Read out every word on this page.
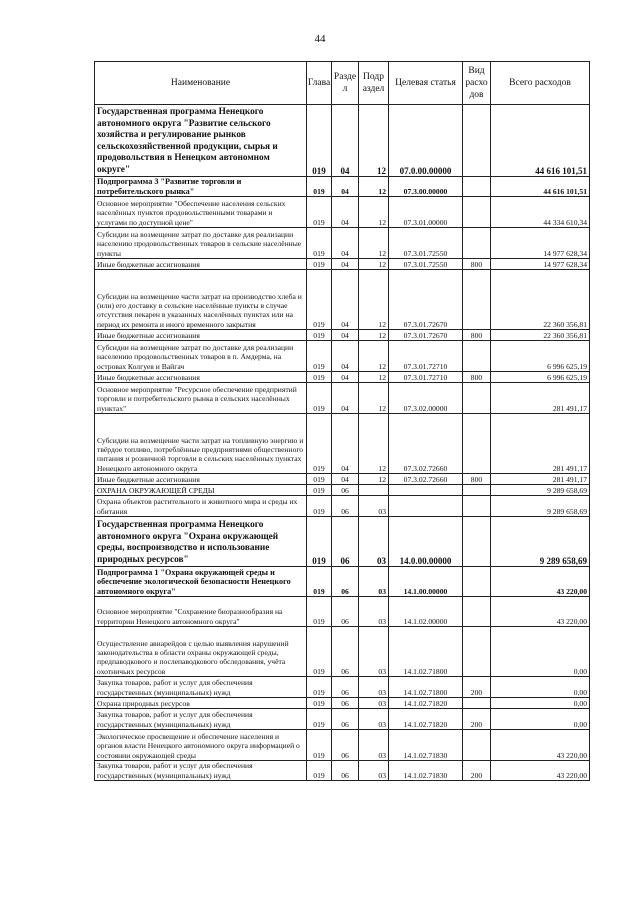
44
Наименование	Глава	Разде л	Подр аздел	Целевая статья	Вид расхо дов	Всего расходов
Государственная программа Ненецкого автономного округа "Развитие сельского хозяйства и регулирование рынков сельскохозяйственной продукции, сырья и продовольствия в Ненецком автономном округе"	019	04	12	07.0.00.00000		44 616 101,51
Подпрограмма 3 "Развитие торговли и потребительского рынка"	019	04	12	07.3.00.00000		44 616 101,51
Основное мероприятие "Обеспечение населения сельских населённых пунктов продовольственными товарами и услугами по доступной цене"	019	04	12	07.3.01.00000		44 334 610,34
Субсидии на возмещение затрат по доставке для реализации населению продовольственных товаров в сельские населённые пункты	019	04	12	07.3.01.72550		14 977 628,34
Иные бюджетные ассигнования	019	04	12	07.3.01.72550	800	14 977 628,34
Субсидии на возмещение части затрат на производство хлеба и (или) его доставку в сельские населённые пункты в случае отсутствия пекарен в указанных населённых пунктах или на период их ремонта и иного временного закрытия	019	04	12	07.3.01.72670		22 360 356,81
Иные бюджетные ассигнования	019	04	12	07.3.01.72670	800	22 360 356,81
Субсидии на возмещение затрат по доставке для реализации населению продовольственных товаров в п. Амдерма, на островах Колгуев и Вайгач	019	04	12	07.3.01.72710		6 996 625,19
Иные бюджетные ассигнования	019	04	12	07.3.01.72710	800	6 996 625,19
Основное мероприятие "Ресурсное обеспечение предприятий торговли и потребительского рынка в сельских населённых пунктах"	019	04	12	07.3.02.00000		281 491,17
Субсидии на возмещение части затрат на топливную энергию и твёрдое топливо, потреблённые предприятиями общественного питания и розничной торговли в сельских населённых пунктах Ненецкого автономного округа	019	04	12	07.3.02.72660		281 491,17
Иные бюджетные ассигнования	019	04	12	07.3.02.72660	800	281 491,17
ОХРАНА ОКРУЖАЮЩЕЙ СРЕДЫ	019	06				9 289 658,69
Охрана объектов растительного и животного мира и среды их обитания	019	06	03			9 289 658,69
Государственная программа Ненецкого автономного округа "Охрана окружающей среды, воспроизводство и использование природных ресурсов"	019	06	03	14.0.00.00000		9 289 658,69
Подпрограмма 1 "Охрана окружающей среды и обеспечение экологической безопасности Ненецкого автономного округа"	019	06	03	14.1.00.00000		43 220,00
Основное мероприятие "Сохранение биоразнообразия на территории Ненецкого автономного округа"	019	06	03	14.1.02.00000		43 220,00
Осуществление авиарейдов с целью выявления нарушений законодательства в области охраны окружающей среды, предпаводкового и послепаводкового обследования, учёта охотничьих ресурсов	019	06	03	14.1.02.71800		0,00
Закупка товаров, работ и услуг для обеспечения государственных (муниципальных) нужд	019	06	03	14.1.02.71800	200	0,00
Охрана природных ресурсов	019	06	03	14.1.02.71820		0,00
Закупка товаров, работ и услуг для обеспечения государственных (муниципальных) нужд	019	06	03	14.1.02.71820	200	0,00
Экологическое просвещение и обеспечение населения и органов власти Ненецкого автономного округа информацией о состоянии окружающей среды	019	06	03	14.1.02.71830		43 220,00
Закупка товаров, работ и услуг для обеспечения государственных (муниципальных) нужд	019	06	03	14.1.02.71830	200	43 220,00
